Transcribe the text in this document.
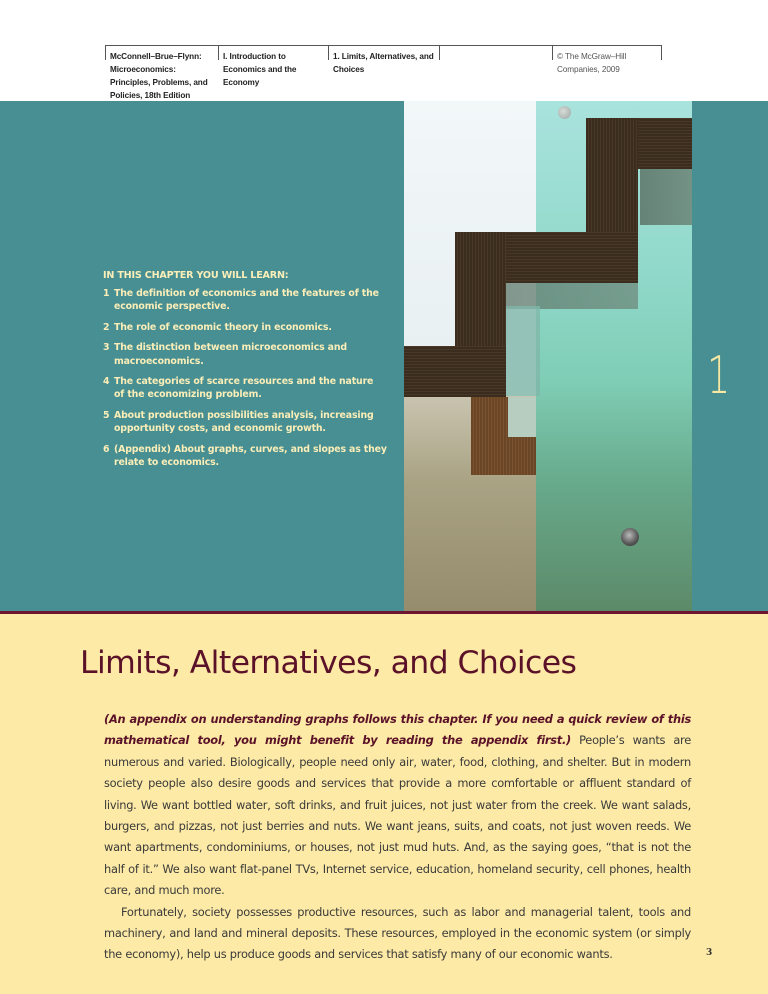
McConnell–Brue–Flynn:
Microeconomics:
Principles, Problems, and
Policies, 18th Edition
I. Introduction to
Economics and the
Economy
1. Limits, Alternatives, and
Choices
© The McGraw–Hill
Companies, 2009
IN THIS CHAPTER YOU WILL LEARN:
1 The definition of economics and the features of the
economic perspective.
2 The role of economic theory in economics.
3 The distinction between microeconomics and
macroeconomics.
4 The categories of scarce resources and the nature
of the economizing problem.
5 About production possibilities analysis, increasing
opportunity costs, and economic growth.
6 (Appendix) About graphs, curves, and slopes as they
relate to economics.
1
Limits, Alternatives, and Choices

(An appendix on understanding graphs follows this chapter. If you need a quick review of this mathematical tool, you might benefit by reading the appendix first.) People’s wants are numerous and varied. Biologically, people need only air, water, food, clothing, and shelter. But in modern society people also desire goods and services that provide a more comfortable or affluent standard of living. We want bottled water, soft drinks, and fruit juices, not just water from the creek. We want salads, burgers, and pizzas, not just berries and nuts. We want jeans, suits, and coats, not just woven reeds. We want apartments, condominiums, or houses, not just mud huts. And, as the saying goes, “that is not the half of it.” We also want flat-panel TVs, Internet service, education, homeland security, cell phones, health care, and much more.

Fortunately, society possesses productive resources, such as labor and managerial talent, tools and machinery, and land and mineral deposits. These resources, employed in the economic system (or simply the economy), help us produce goods and services that satisfy many of our economic wants.	3
